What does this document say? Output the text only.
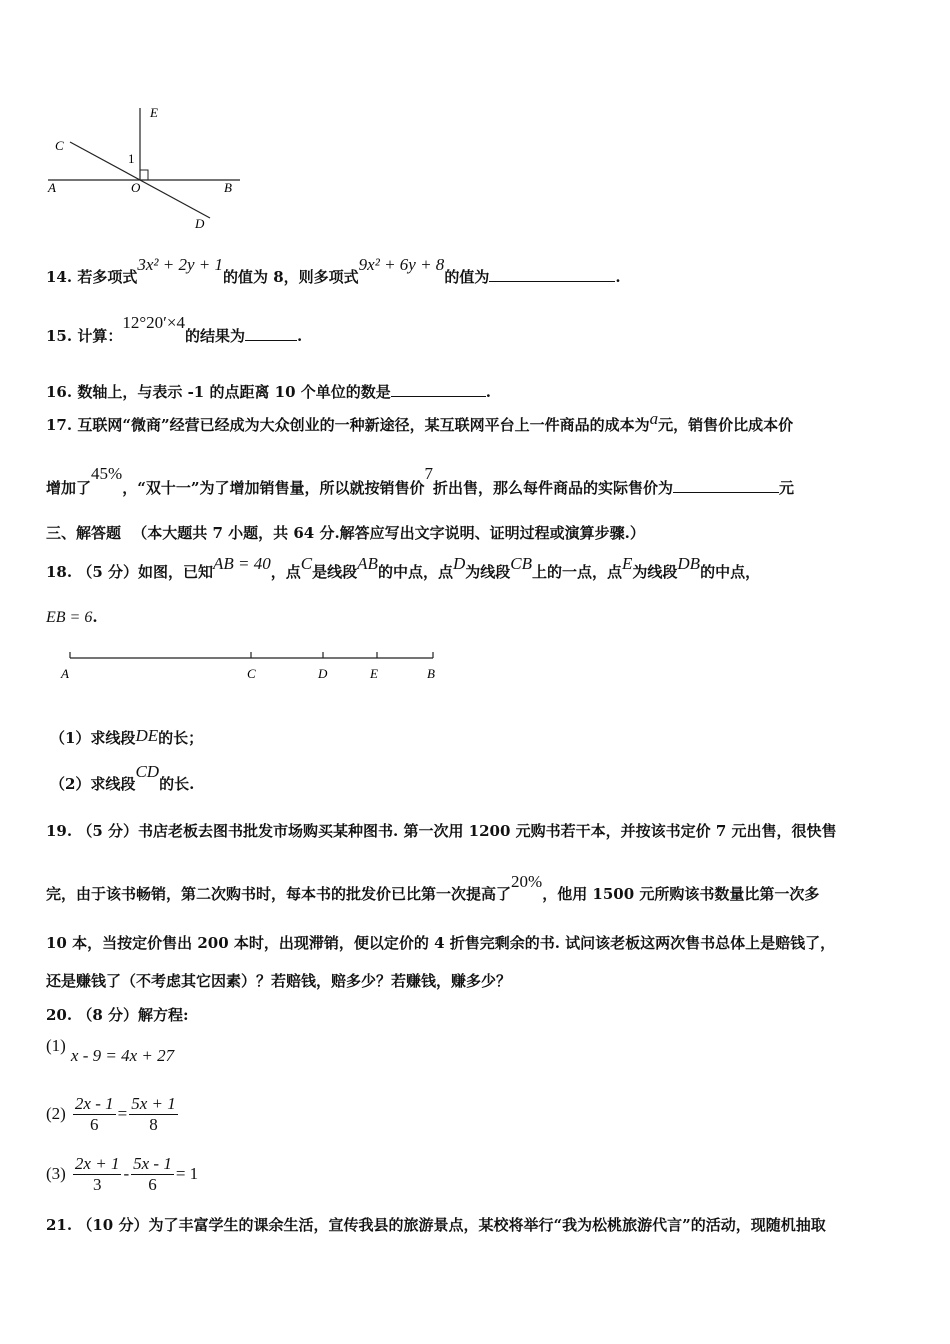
E
C
1
A	O	B
D
14. 若多项式3x² + 2y + 1的值为 8，则多项式9x² + 6y + 8的值为	.
15. 计算：12°20′×4的结果为	.
16. 数轴上，与表示 -1 的点距离 10 个单位的数是	.
17. 互联网“微商”经营已经成为大众创业的一种新途径，某互联网平台上一件商品的成本为a元，销售价比成本价
增加了45%，“双十一”为了增加销售量，所以就按销售价7折出售，那么每件商品的实际售价为	元
三、解答题 （本大题共 7 小题，共 64 分.解答应写出文字说明、证明过程或演算步骤.）
18. （5 分）如图，已知AB = 40，点C是线段AB的中点，点D为线段CB上的一点，点E为线段DB的中点，
EB = 6.
A	C	D	E	B
（1）求线段DE的长；
（2）求线段CD的长.
19. （5 分）书店老板去图书批发市场购买某种图书. 第一次用 1200 元购书若干本，并按该书定价 7 元出售，很快售
完，由于该书畅销，第二次购书时，每本书的批发价已比第一次提高了20%，他用 1500 元所购该书数量比第一次多
10 本，当按定价售出 200 本时，出现滞销，便以定价的 4 折售完剩余的书. 试问该老板这两次售书总体上是赔钱了，
还是赚钱了（不考虑其它因素）？若赔钱，赔多少？若赚钱，赚多少？
20. （8 分）解方程:
(1) x - 9 = 4x + 27
$(2) \frac{2x - 1}{6} = \frac{5x + 1}{8}$
$(3) \frac{2x + 1}{3} - \frac{5x - 1}{6} = 1$
21. （10 分）为了丰富学生的课余生活，宣传我县的旅游景点，某校将举行“我为松桃旅游代言”的活动，现随机抽取
